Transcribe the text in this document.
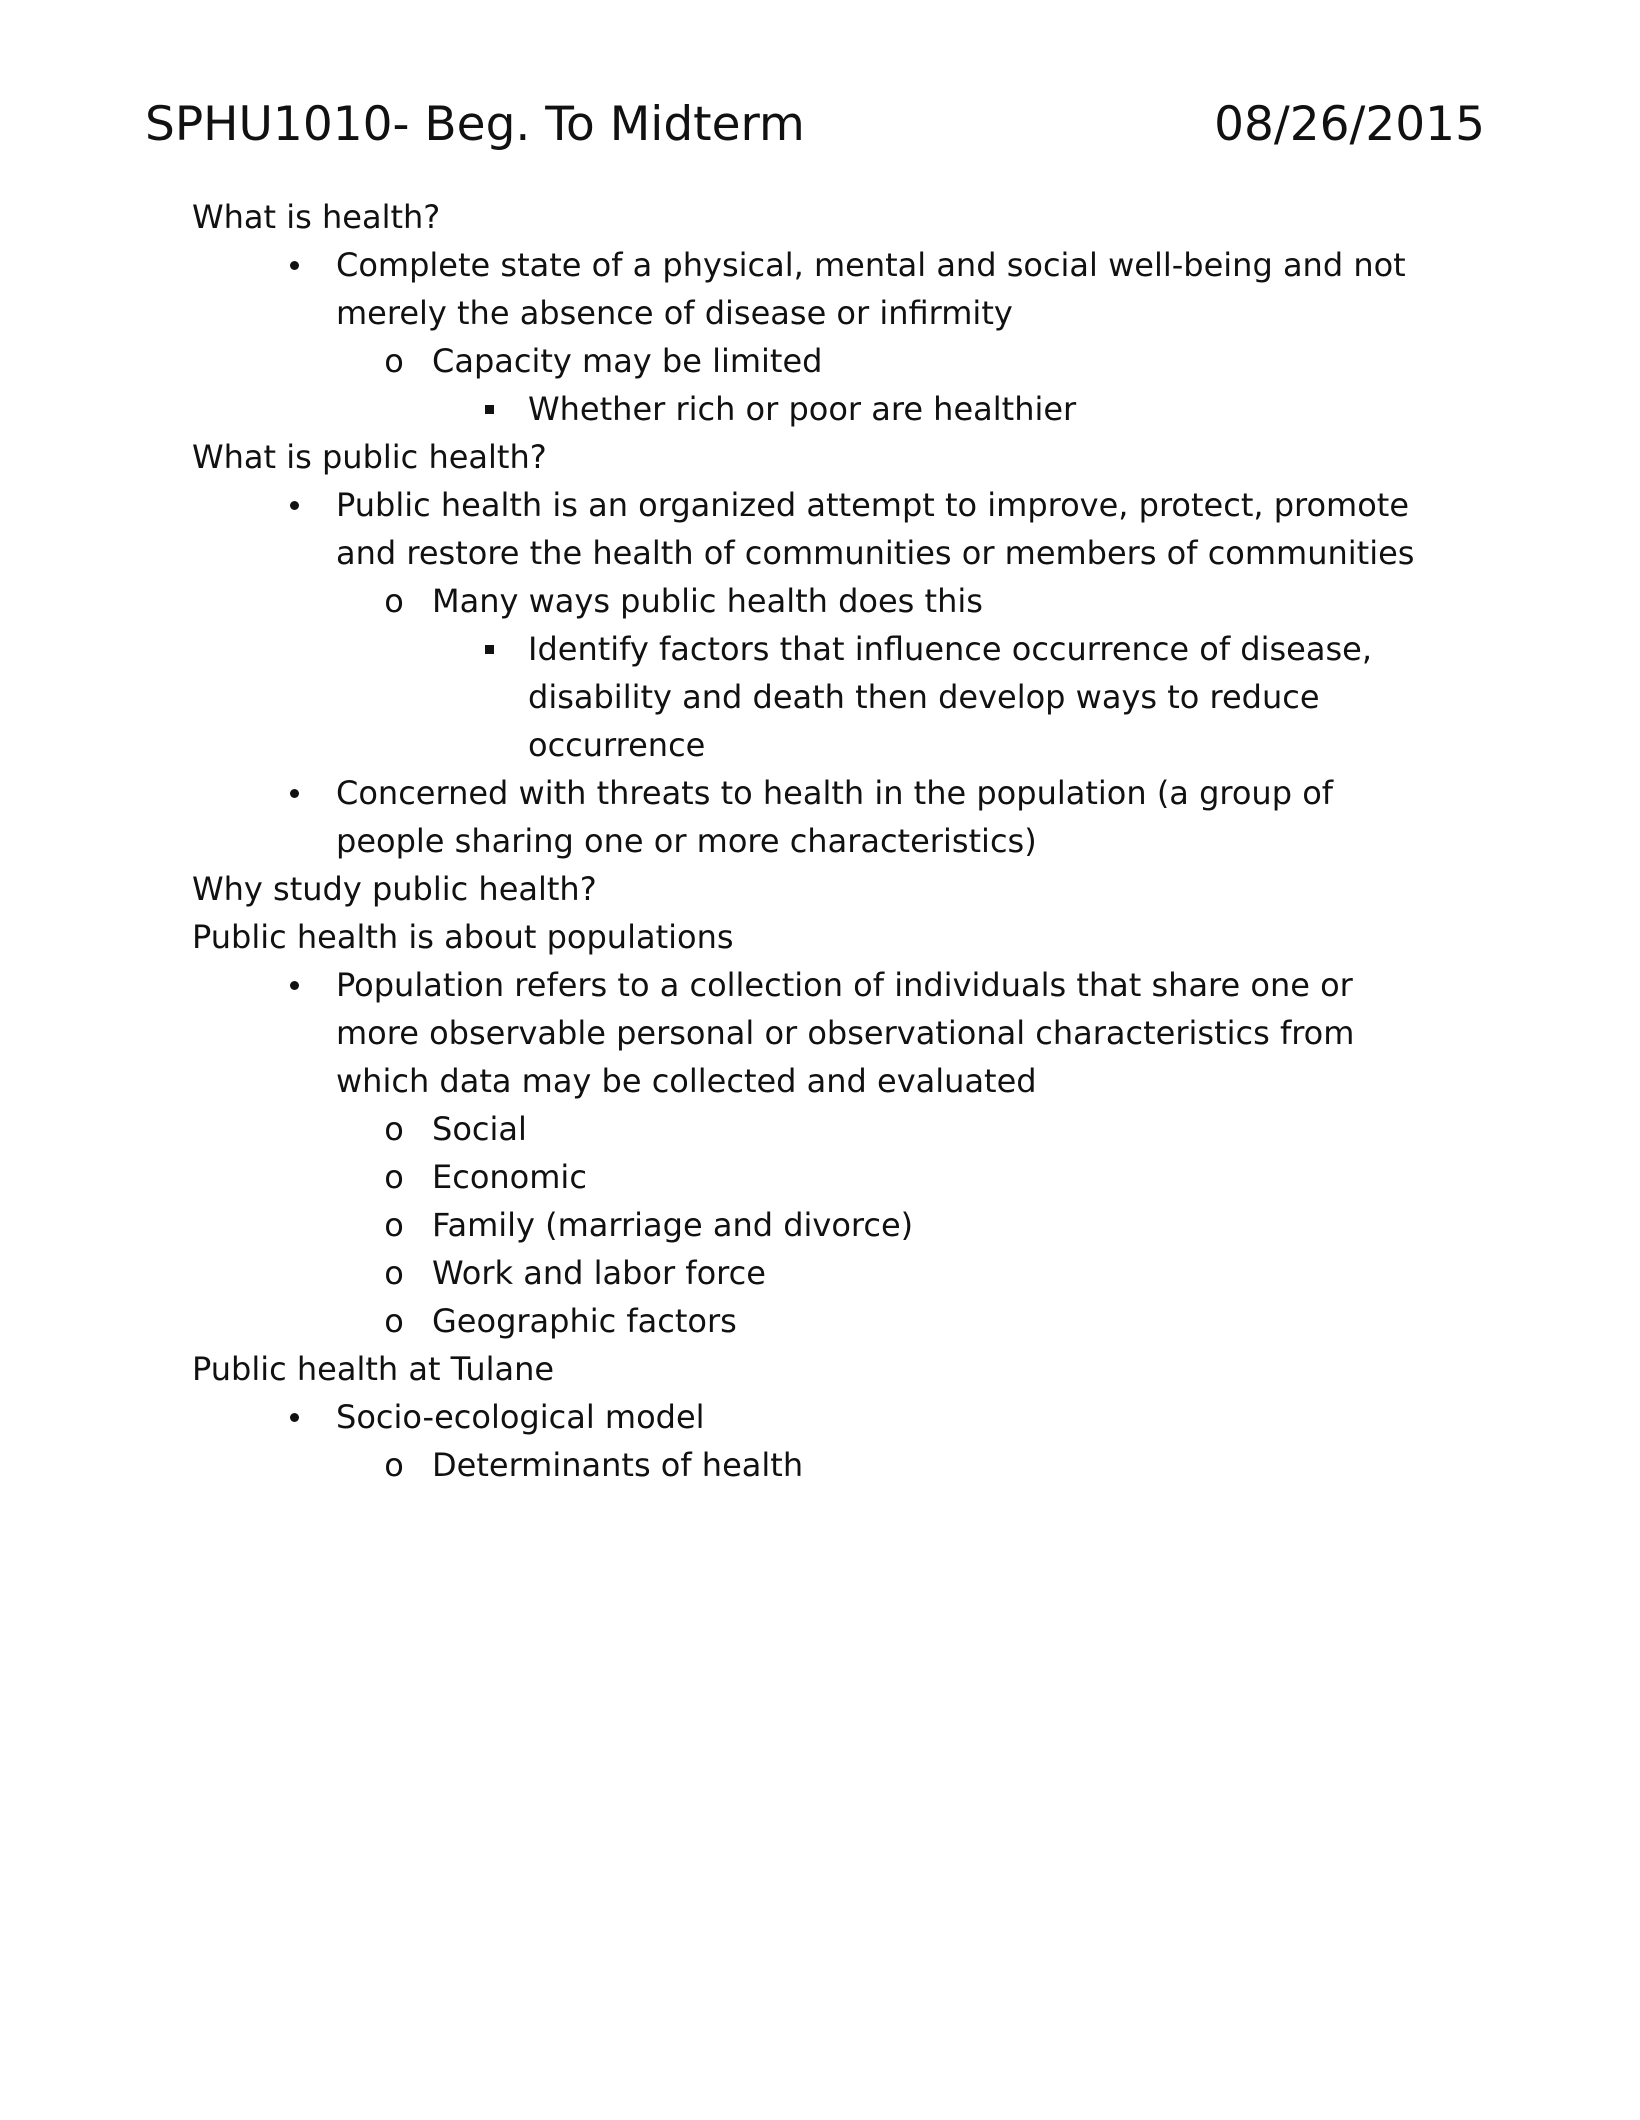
SPHU1010- Beg. To Midterm	08/26/2015
What is health?
Complete state of a physical, mental and social well-being and not
merely the absence of disease or infirmity
o Capacity may be limited
Whether rich or poor are healthier
What is public health?
Public health is an organized attempt to improve, protect, promote
and restore the health of communities or members of communities
o Many ways public health does this
Identify factors that influence occurrence of disease,
disability and death then develop ways to reduce
occurrence
Concerned with threats to health in the population (a group of
people sharing one or more characteristics)
Why study public health?
Public health is about populations
Population refers to a collection of individuals that share one or
more observable personal or observational characteristics from
which data may be collected and evaluated
o Social
o Economic
o Family (marriage and divorce)
o Work and labor force
o Geographic factors
Public health at Tulane
Socio-ecological model
o Determinants of health
